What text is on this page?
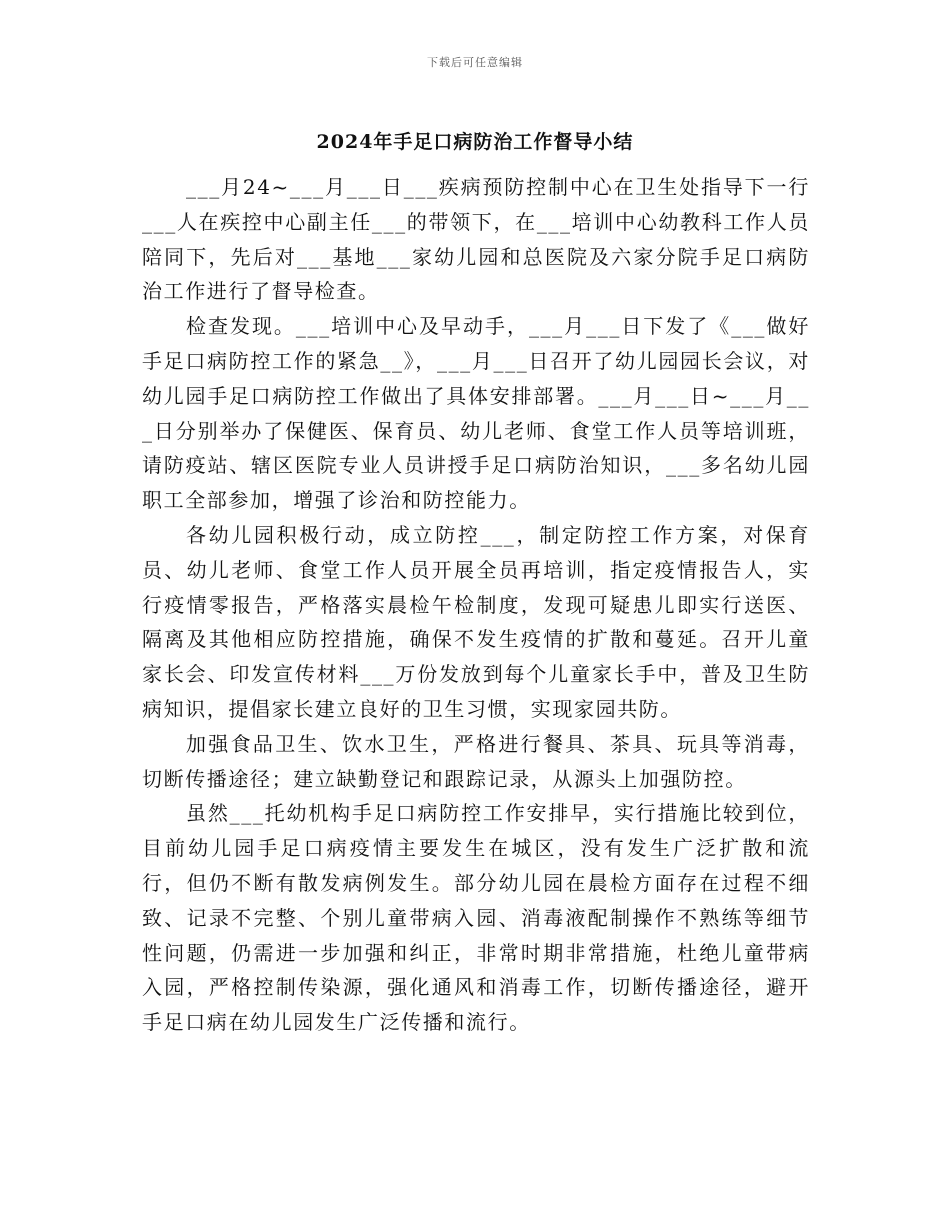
下载后可任意编辑
2024年手足口病防治工作督导小结

___月24~___月___日___疾病预防控制中心在卫生处指导下一行___人在疾控中心副主任___的带领下，在___培训中心幼教科工作人员陪同下，先后对___基地___家幼儿园和总医院及六家分院手足口病防治工作进行了督导检查。

检查发现。___培训中心及早动手，___月___日下发了《___做好手足口病防控工作的紧急__》，___月___日召开了幼儿园园长会议，对幼儿园手足口病防控工作做出了具体安排部署。___月___日~___月___日分别举办了保健医、保育员、幼儿老师、食堂工作人员等培训班，请防疫站、辖区医院专业人员讲授手足口病防治知识，___多名幼儿园职工全部参加，增强了诊治和防控能力。

各幼儿园积极行动，成立防控___，制定防控工作方案，对保育员、幼儿老师、食堂工作人员开展全员再培训，指定疫情报告人，实行疫情零报告，严格落实晨检午检制度，发现可疑患儿即实行送医、隔离及其他相应防控措施，确保不发生疫情的扩散和蔓延。召开儿童家长会、印发宣传材料___万份发放到每个儿童家长手中，普及卫生防病知识，提倡家长建立良好的卫生习惯，实现家园共防。

加强食品卫生、饮水卫生，严格进行餐具、茶具、玩具等消毒，切断传播途径；建立缺勤登记和跟踪记录，从源头上加强防控。

虽然___托幼机构手足口病防控工作安排早，实行措施比较到位，目前幼儿园手足口病疫情主要发生在城区，没有发生广泛扩散和流行，但仍不断有散发病例发生。部分幼儿园在晨检方面存在过程不细致、记录不完整、个别儿童带病入园、消毒液配制操作不熟练等细节性问题，仍需进一步加强和纠正，非常时期非常措施，杜绝儿童带病入园，严格控制传染源，强化通风和消毒工作，切断传播途径，避开手足口病在幼儿园发生广泛传播和流行。
